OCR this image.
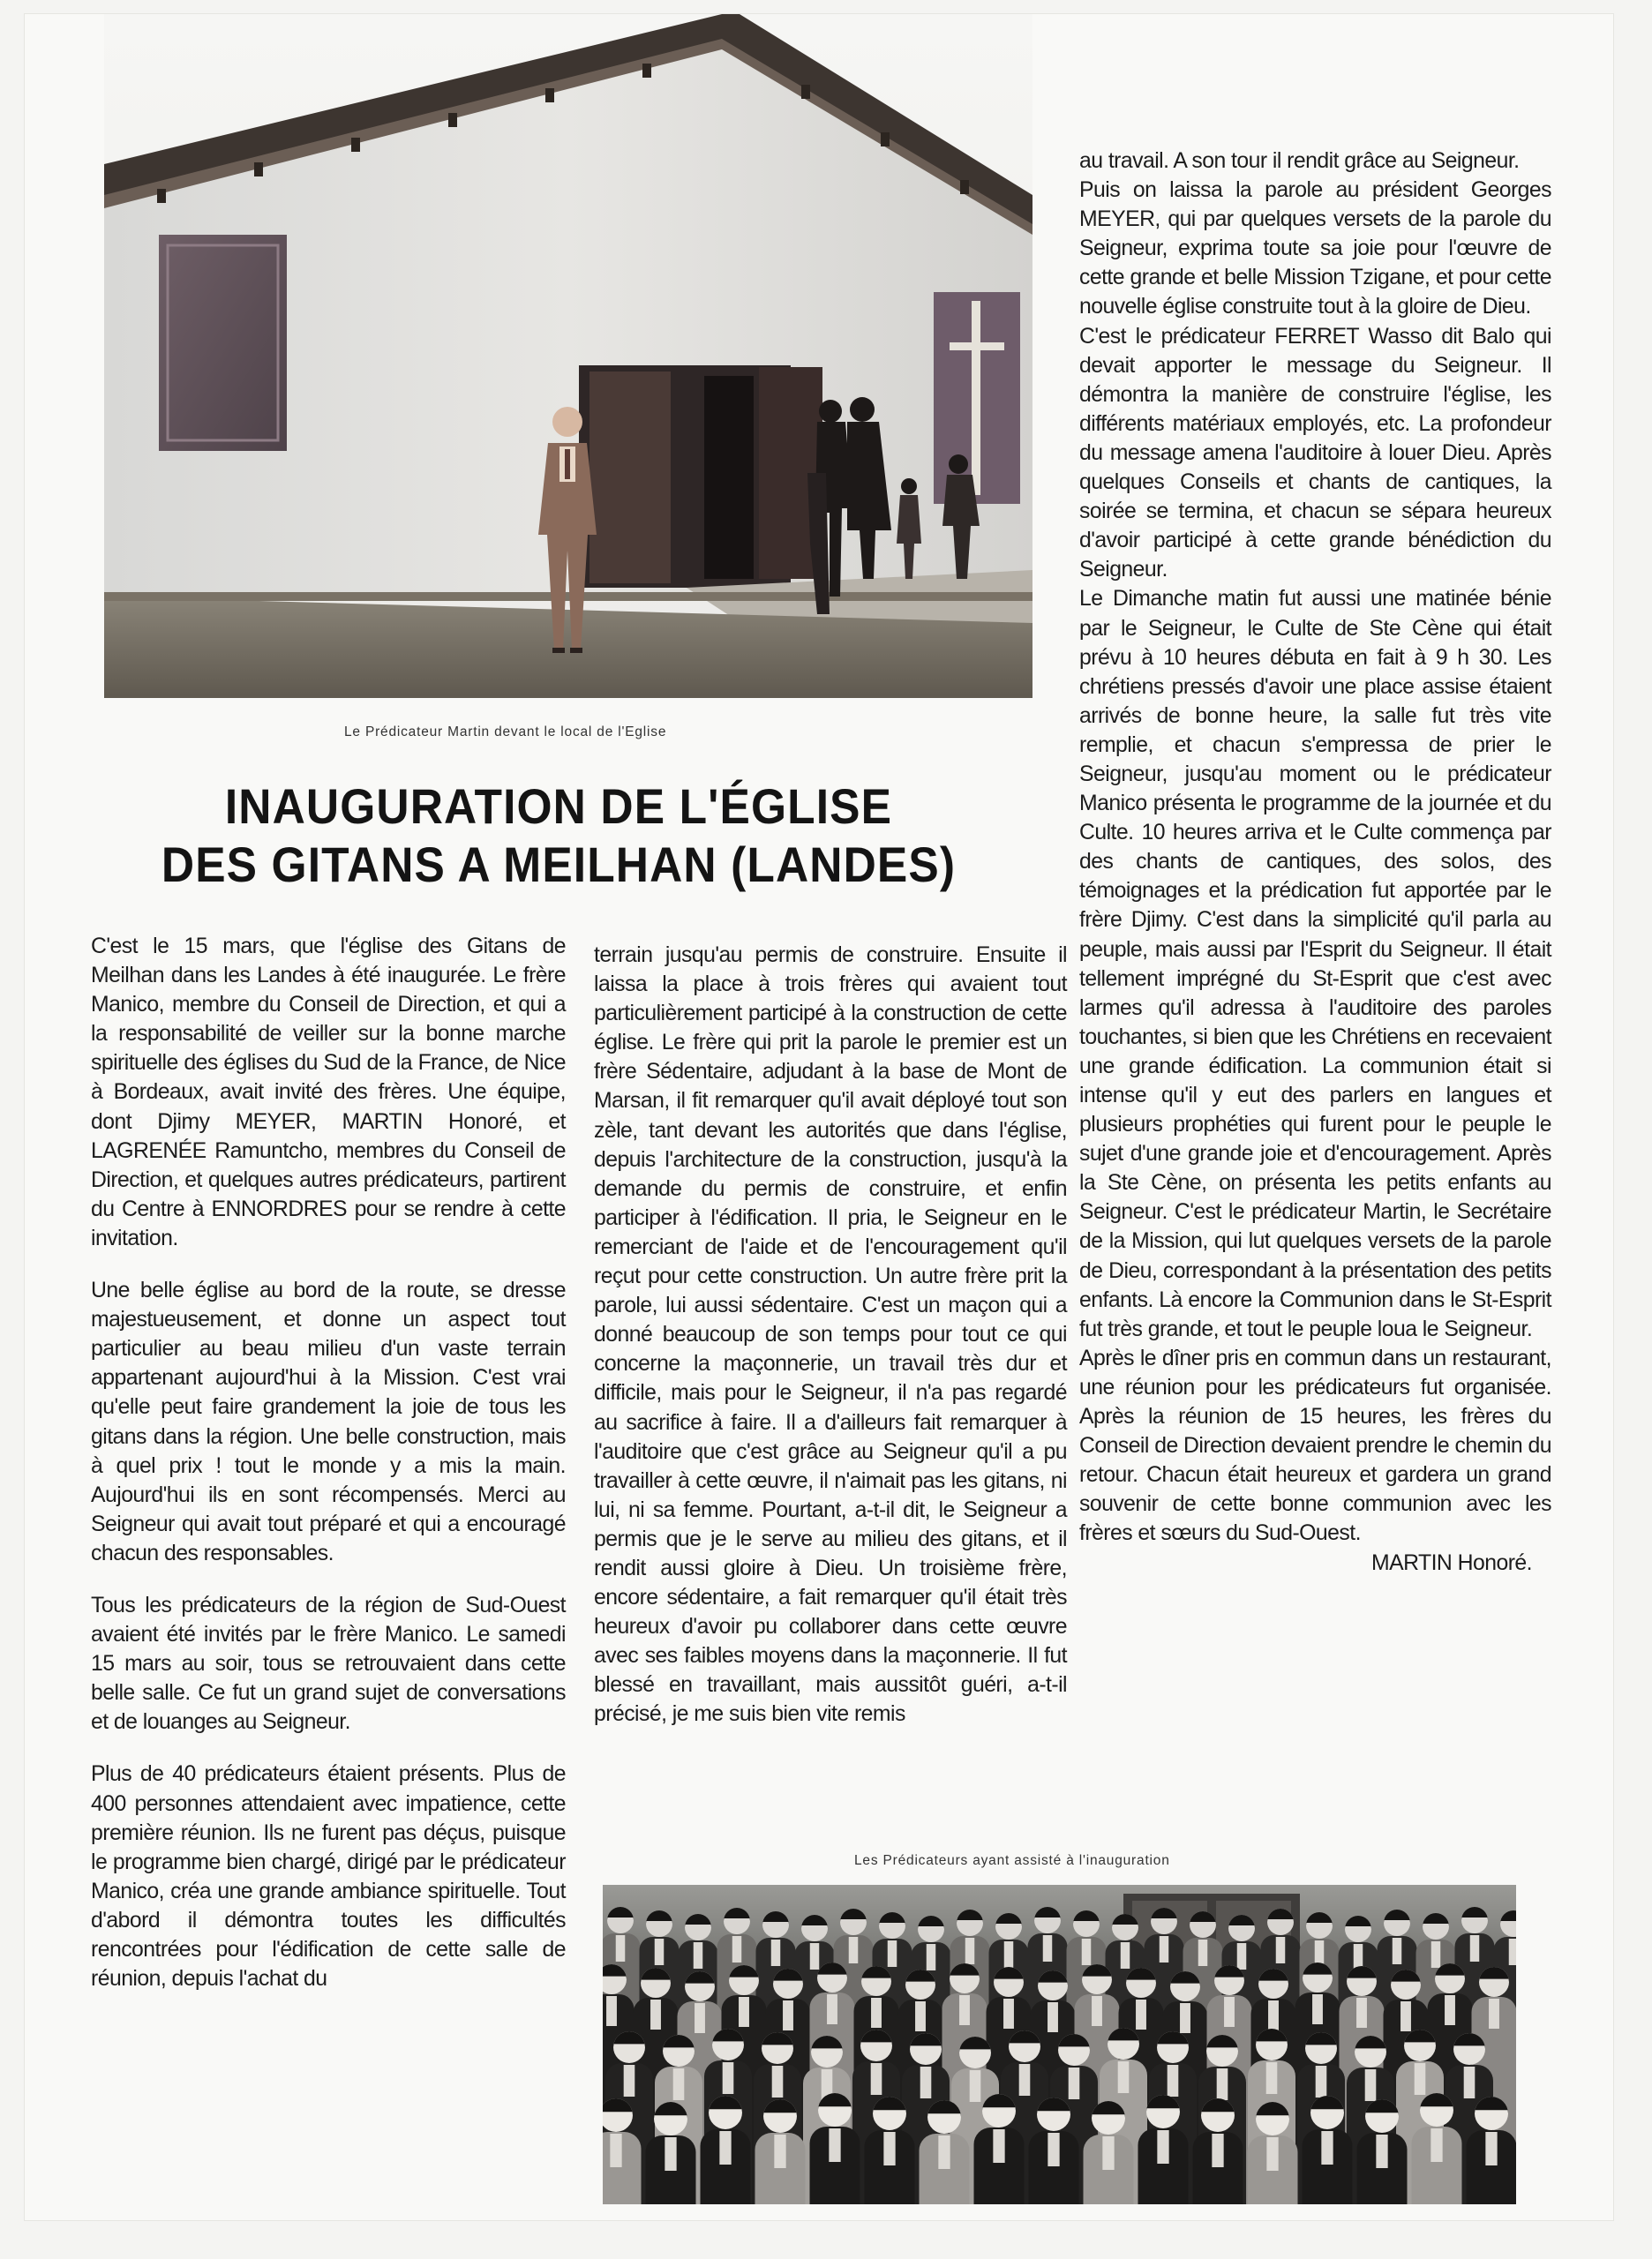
Le Prédicateur Martin devant le local de l'Eglise
INAUGURATION DE L'ÉGLISE
DES GITANS A MEILHAN (LANDES)

C'est le 15 mars, que l'église des Gitans de Meilhan dans les Landes à été inaugurée. Le frère Manico, membre du Conseil de Direction, et qui a la responsabilité de veiller sur la bonne marche spirituelle des églises du Sud de la France, de Nice à Bordeaux, avait invité des frères. Une équipe, dont Djimy MEYER, MARTIN Honoré, et LAGRENÉE Ramuntcho, membres du Conseil de Direction, et quelques autres prédicateurs, partirent du Centre à ENNORDRES pour se rendre à cette invitation.

Une belle église au bord de la route, se dresse majestueusement, et donne un aspect tout particulier au beau milieu d'un vaste terrain appartenant aujourd'hui à la Mission. C'est vrai qu'elle peut faire grandement la joie de tous les gitans dans la région. Une belle construction, mais à quel prix ! tout le monde y a mis la main. Aujourd'hui ils en sont récompensés. Merci au Seigneur qui avait tout préparé et qui a encouragé chacun des responsables.

Tous les prédicateurs de la région de Sud-Ouest avaient été invités par le frère Manico. Le samedi 15 mars au soir, tous se retrouvaient dans cette belle salle. Ce fut un grand sujet de conversations et de louanges au Seigneur.

Plus de 40 prédicateurs étaient présents. Plus de 400 personnes attendaient avec impatience, cette première réunion. Ils ne furent pas déçus, puisque le programme bien chargé, dirigé par le prédicateur Manico, créa une grande ambiance spirituelle. Tout d'abord il démontra toutes les difficultés rencontrées pour l'édification de cette salle de réunion, depuis l'achat du

terrain jusqu'au permis de construire. Ensuite il laissa la place à trois frères qui avaient tout particulièrement participé à la construction de cette église. Le frère qui prit la parole le premier est un frère Sédentaire, adjudant à la base de Mont de Marsan, il fit remarquer qu'il avait déployé tout son zèle, tant devant les autorités que dans l'église, depuis l'architecture de la construction, jusqu'à la demande du permis de construire, et enfin participer à l'édification. Il pria, le Seigneur en le remerciant de l'aide et de l'encouragement qu'il reçut pour cette construction. Un autre frère prit la parole, lui aussi sédentaire. C'est un maçon qui a donné beaucoup de son temps pour tout ce qui concerne la maçonnerie, un travail très dur et difficile, mais pour le Seigneur, il n'a pas regardé au sacrifice à faire. Il a d'ailleurs fait remarquer à l'auditoire que c'est grâce au Seigneur qu'il a pu travailler à cette œuvre, il n'aimait pas les gitans, ni lui, ni sa femme. Pourtant, a-t-il dit, le Seigneur a permis que je le serve au milieu des gitans, et il rendit aussi gloire à Dieu. Un troisième frère, encore sédentaire, a fait remarquer qu'il était très heureux d'avoir pu collaborer dans cette œuvre avec ses faibles moyens dans la maçonnerie. Il fut blessé en travaillant, mais aussitôt guéri, a-t-il précisé, je me suis bien vite remis

au travail. A son tour il rendit grâce au Seigneur.

Puis on laissa la parole au président Georges MEYER, qui par quelques versets de la parole du Seigneur, exprima toute sa joie pour l'œuvre de cette grande et belle Mission Tzigane, et pour cette nouvelle église construite tout à la gloire de Dieu.

C'est le prédicateur FERRET Wasso dit Balo qui devait apporter le message du Seigneur. Il démontra la manière de construire l'église, les différents matériaux employés, etc. La profondeur du message amena l'auditoire à louer Dieu. Après quelques Conseils et chants de cantiques, la soirée se termina, et chacun se sépara heureux d'avoir participé à cette grande bénédiction du Seigneur.

Le Dimanche matin fut aussi une matinée bénie par le Seigneur, le Culte de Ste Cène qui était prévu à 10 heures débuta en fait à 9 h 30. Les chrétiens pressés d'avoir une place assise étaient arrivés de bonne heure, la salle fut très vite remplie, et chacun s'empressa de prier le Seigneur, jusqu'au moment ou le prédicateur Manico présenta le programme de la journée et du Culte. 10 heures arriva et le Culte commença par des chants de cantiques, des solos, des témoignages et la prédication fut apportée par le frère Djimy. C'est dans la simplicité qu'il parla au peuple, mais aussi par l'Esprit du Seigneur. Il était tellement imprégné du St-Esprit que c'est avec larmes qu'il adressa à l'auditoire des paroles touchantes, si bien que les Chrétiens en recevaient une grande édification. La communion était si intense qu'il y eut des parlers en langues et plusieurs prophéties qui furent pour le peuple le sujet d'une grande joie et d'encouragement. Après la Ste Cène, on présenta les petits enfants au Seigneur. C'est le prédicateur Martin, le Secrétaire de la Mission, qui lut quelques versets de la parole de Dieu, correspondant à la présentation des petits enfants. Là encore la Communion dans le St-Esprit fut très grande, et tout le peuple loua le Seigneur.

Après le dîner pris en commun dans un restaurant, une réunion pour les prédicateurs fut organisée. Après la réunion de 15 heures, les frères du Conseil de Direction devaient prendre le chemin du retour. Chacun était heureux et gardera un grand souvenir de cette bonne communion avec les frères et sœurs du Sud-Ouest.

MARTIN Honoré.

Les Prédicateurs ayant assisté à l'inauguration
